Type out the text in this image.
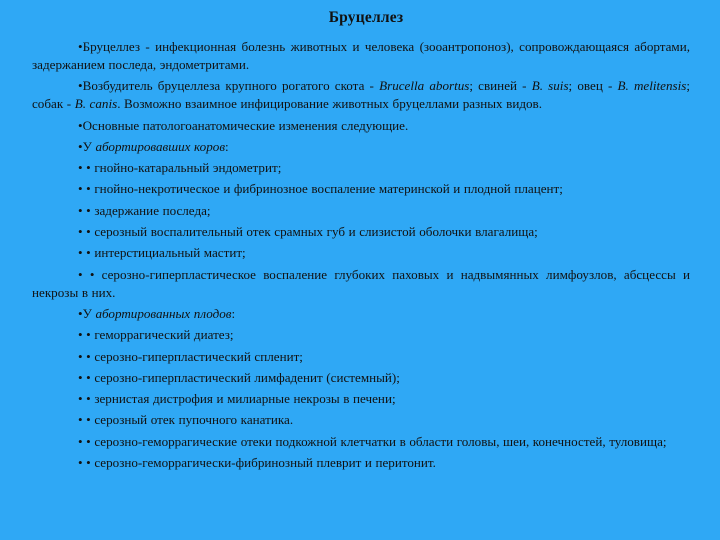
Бруцеллез
•Бруцеллез - инфекционная болезнь животных и человека (зооантропоноз), сопровождающаяся абортами, задержанием последа, эндометритами.
•Возбудитель бруцеллеза крупного рогатого скота - Brucella abortus; свиней - B. suis; овец - B. melitensis; собак - B. canis. Возможно взаимное инфицирование животных бруцеллами разных видов.
•Основные патологоанатомические изменения следующие.
•У абортировавших коров:
• • гнойно-катаральный эндометрит;
• • гнойно-некротическое и фибринозное воспаление материнской и плодной плацент;
• • задержание последа;
• • серозный воспалительный отек срамных губ и слизистой оболочки влагалища;
• • интерстициальный мастит;
• • серозно-гиперпластическое воспаление глубоких паховых и надвымянных лимфоузлов, абсцессы и некрозы в них.
•У абортированных плодов:
• • геморрагический диатез;
• • серозно-гиперпластический спленит;
• • серозно-гиперпластический лимфаденит (системный);
• • зернистая дистрофия и милиарные некрозы в печени;
• • серозный отек пупочного канатика.
• • серозно-геморрагические отеки подкожной клетчатки в области головы, шеи, конечностей, туловища;
• • серозно-геморрагически-фибринозный плеврит и перитонит.
